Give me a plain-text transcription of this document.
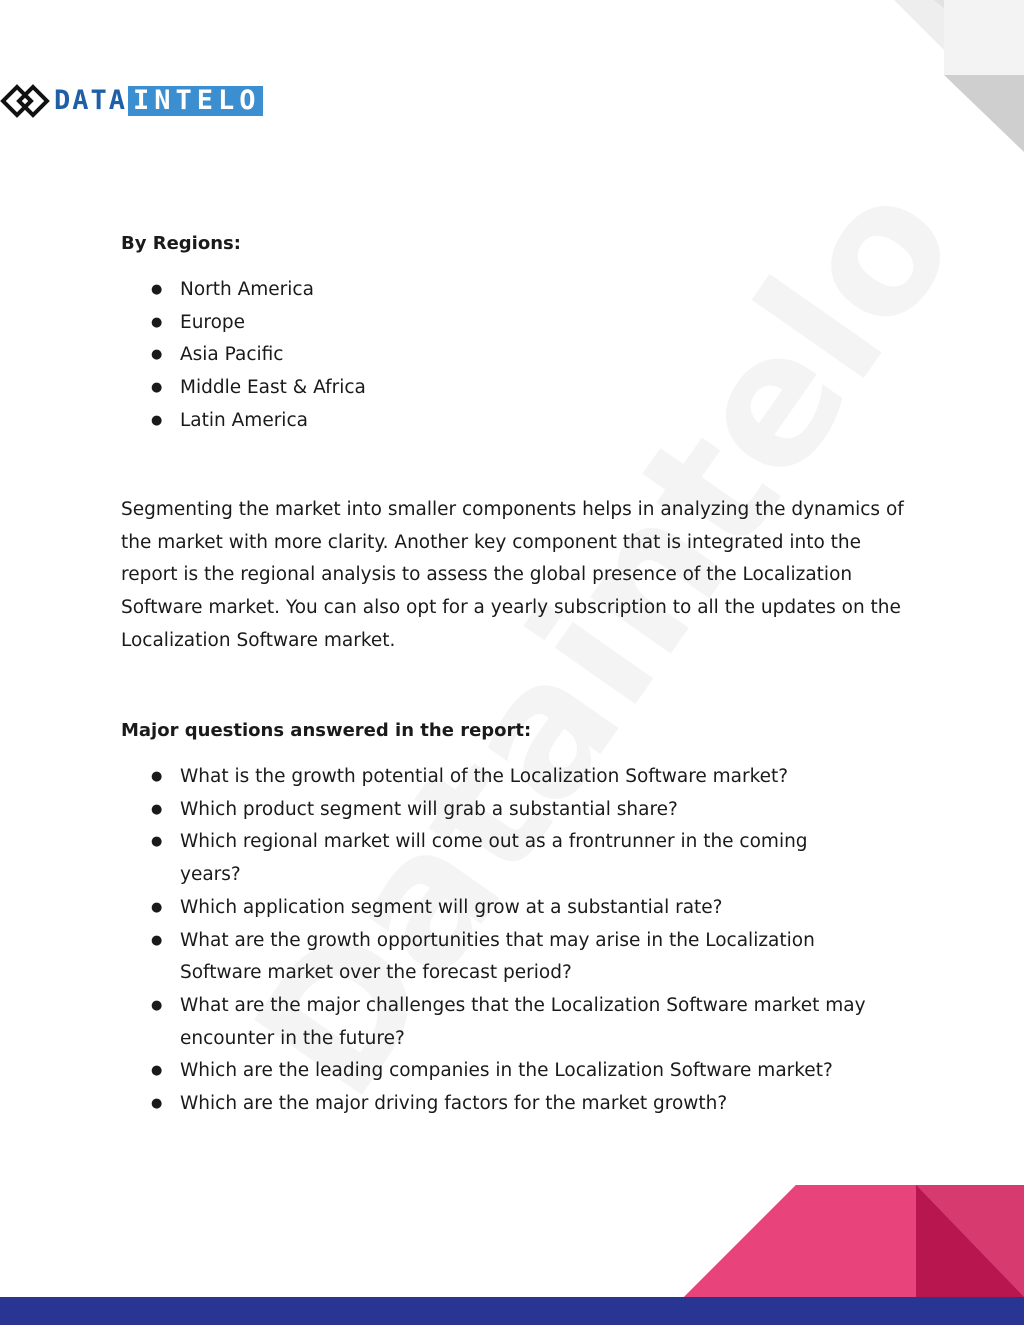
DATA INTELO
By Regions:
● North America
● Europe
● Asia Pacific
● Middle East & Africa
● Latin America

Segmenting the market into smaller components helps in analyzing the dynamics of the market with more clarity. Another key component that is integrated into the report is the regional analysis to assess the global presence of the Localization Software market. You can also opt for a yearly subscription to all the updates on the Localization Software market.

Major questions answered in the report:
● What is the growth potential of the Localization Software market?
● Which product segment will grab a substantial share?
● Which regional market will come out as a frontrunner in the coming years?
● Which application segment will grow at a substantial rate?
● What are the growth opportunities that may arise in the Localization Software market over the forecast period?
● What are the major challenges that the Localization Software market may encounter in the future?
● Which are the leading companies in the Localization Software market?
● Which are the major driving factors for the market growth?
